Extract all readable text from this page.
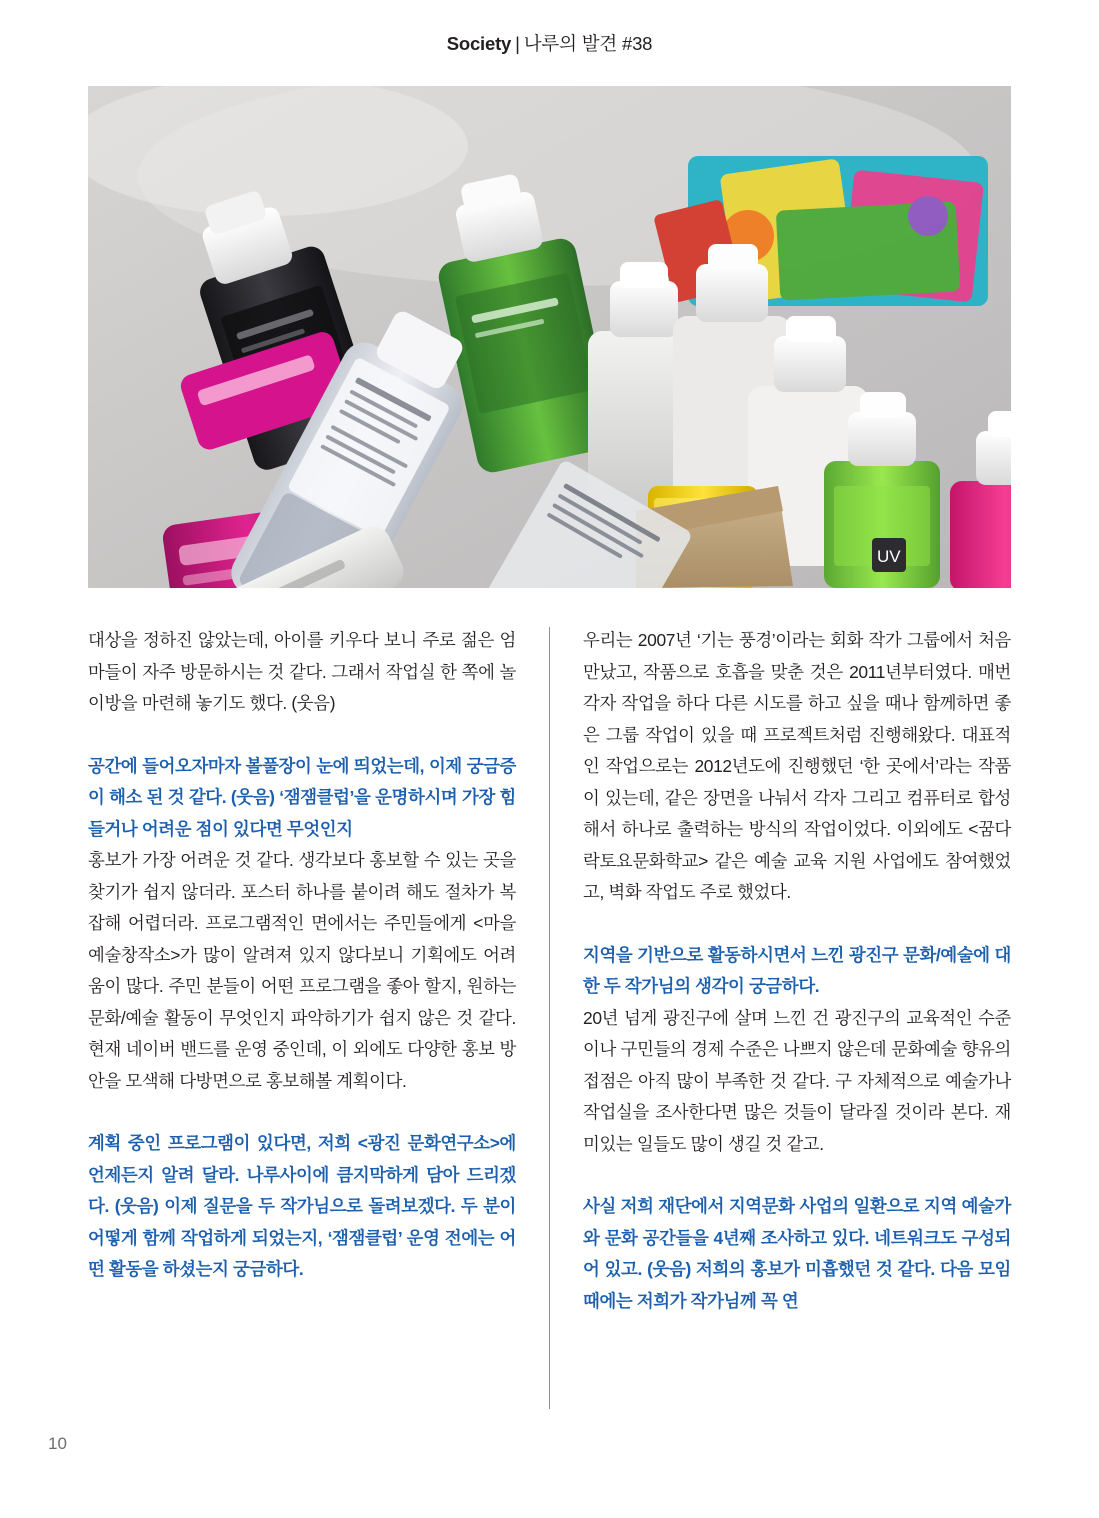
Society | 나루의 발견 #38
UV

대상을 정하진 않았는데, 아이를 키우다 보니 주로 젊은 엄마들이 자주 방문하시는 것 같다. 그래서 작업실 한 쪽에 놀이방을 마련해 놓기도 했다. (웃음)

공간에 들어오자마자 볼풀장이 눈에 띄었는데, 이제 궁금증이 해소 된 것 같다. (웃음) ‘잼잼클럽’을 운명하시며 가장 힘들거나 어려운 점이 있다면 무엇인지

홍보가 가장 어려운 것 같다. 생각보다 홍보할 수 있는 곳을 찾기가 쉽지 않더라. 포스터 하나를 붙이려 해도 절차가 복잡해 어렵더라. 프로그램적인 면에서는 주민들에게 <마을예술창작소>가 많이 알려져 있지 않다보니 기획에도 어려움이 많다. 주민 분들이 어떤 프로그램을 좋아 할지, 원하는 문화/예술 활동이 무엇인지 파악하기가 쉽지 않은 것 같다. 현재 네이버 밴드를 운영 중인데, 이 외에도 다양한 홍보 방안을 모색해 다방면으로 홍보해볼 계획이다.

계획 중인 프로그램이 있다면, 저희 <광진 문화연구소>에 언제든지 알려 달라. 나루사이에 큼지막하게 담아 드리겠다. (웃음) 이제 질문을 두 작가님으로 돌려보겠다. 두 분이 어떻게 함께 작업하게 되었는지, ‘잼잼클럽’ 운영 전에는 어떤 활동을 하셨는지 궁금하다.

우리는 2007년 ‘기는 풍경’이라는 회화 작가 그룹에서 처음 만났고, 작품으로 호흡을 맞춘 것은 2011년부터였다. 매번 각자 작업을 하다 다른 시도를 하고 싶을 때나 함께하면 좋은 그룹 작업이 있을 때 프로젝트처럼 진행해왔다. 대표적인 작업으로는 2012년도에 진행했던 ‘한 곳에서’라는 작품이 있는데, 같은 장면을 나눠서 각자 그리고 컴퓨터로 합성해서 하나로 출력하는 방식의 작업이었다. 이외에도 <꿈다락토요문화학교> 같은 예술 교육 지원 사업에도 참여했었고, 벽화 작업도 주로 했었다.

지역을 기반으로 활동하시면서 느낀 광진구 문화/예술에 대한 두 작가님의 생각이 궁금하다.

20년 넘게 광진구에 살며 느낀 건 광진구의 교육적인 수준이나 구민들의 경제 수준은 나쁘지 않은데 문화예술 향유의 접점은 아직 많이 부족한 것 같다. 구 자체적으로 예술가나 작업실을 조사한다면 많은 것들이 달라질 것이라 본다. 재미있는 일들도 많이 생길 것 같고.

사실 저희 재단에서 지역문화 사업의 일환으로 지역 예술가와 문화 공간들을 4년째 조사하고 있다. 네트워크도 구성되어 있고. (웃음) 저희의 홍보가 미흡했던 것 같다. 다음 모임 때에는 저희가 작가님께 꼭 연

10
